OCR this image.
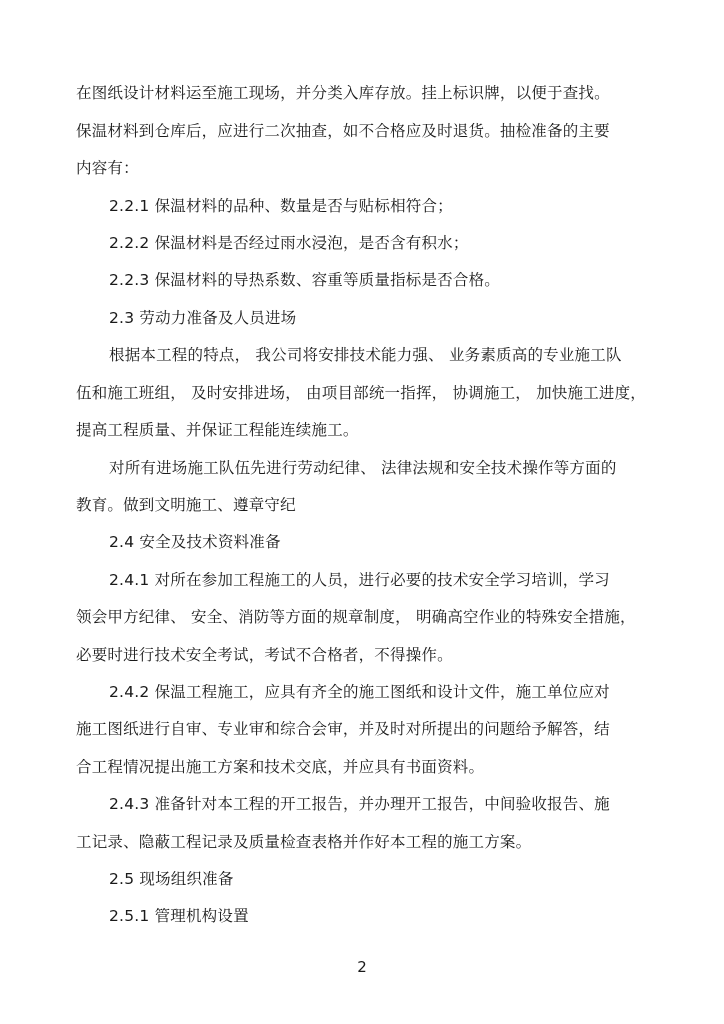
在图纸设计材料运至施工现场，并分类入库存放。挂上标识牌，以便于查找。
保温材料到仓库后，应进行二次抽查，如不合格应及时退货。抽检准备的主要
内容有：
2.2.1 保温材料的品种、数量是否与贴标相符合；
2.2.2 保温材料是否经过雨水浸泡，是否含有积水；
2.2.3 保温材料的导热系数、容重等质量指标是否合格。
2.3 劳动力准备及人员进场
根据本工程的特点， 我公司将安排技术能力强、 业务素质高的专业施工队
伍和施工班组， 及时安排进场， 由项目部统一指挥， 协调施工， 加快施工进度，
提高工程质量、并保证工程能连续施工。
对所有进场施工队伍先进行劳动纪律、 法律法规和安全技术操作等方面的
教育。做到文明施工、遵章守纪
2.4 安全及技术资料准备
2.4.1 对所在参加工程施工的人员，进行必要的技术安全学习培训，学习
领会甲方纪律、 安全、消防等方面的规章制度， 明确高空作业的特殊安全措施，
必要时进行技术安全考试，考试不合格者，不得操作。
2.4.2 保温工程施工，应具有齐全的施工图纸和设计文件，施工单位应对
施工图纸进行自审、专业审和综合会审，并及时对所提出的问题给予解答，结
合工程情况提出施工方案和技术交底，并应具有书面资料。
2.4.3 准备针对本工程的开工报告，并办理开工报告，中间验收报告、施
工记录、隐蔽工程记录及质量检查表格并作好本工程的施工方案。
2.5 现场组织准备
2.5.1 管理机构设置
2
